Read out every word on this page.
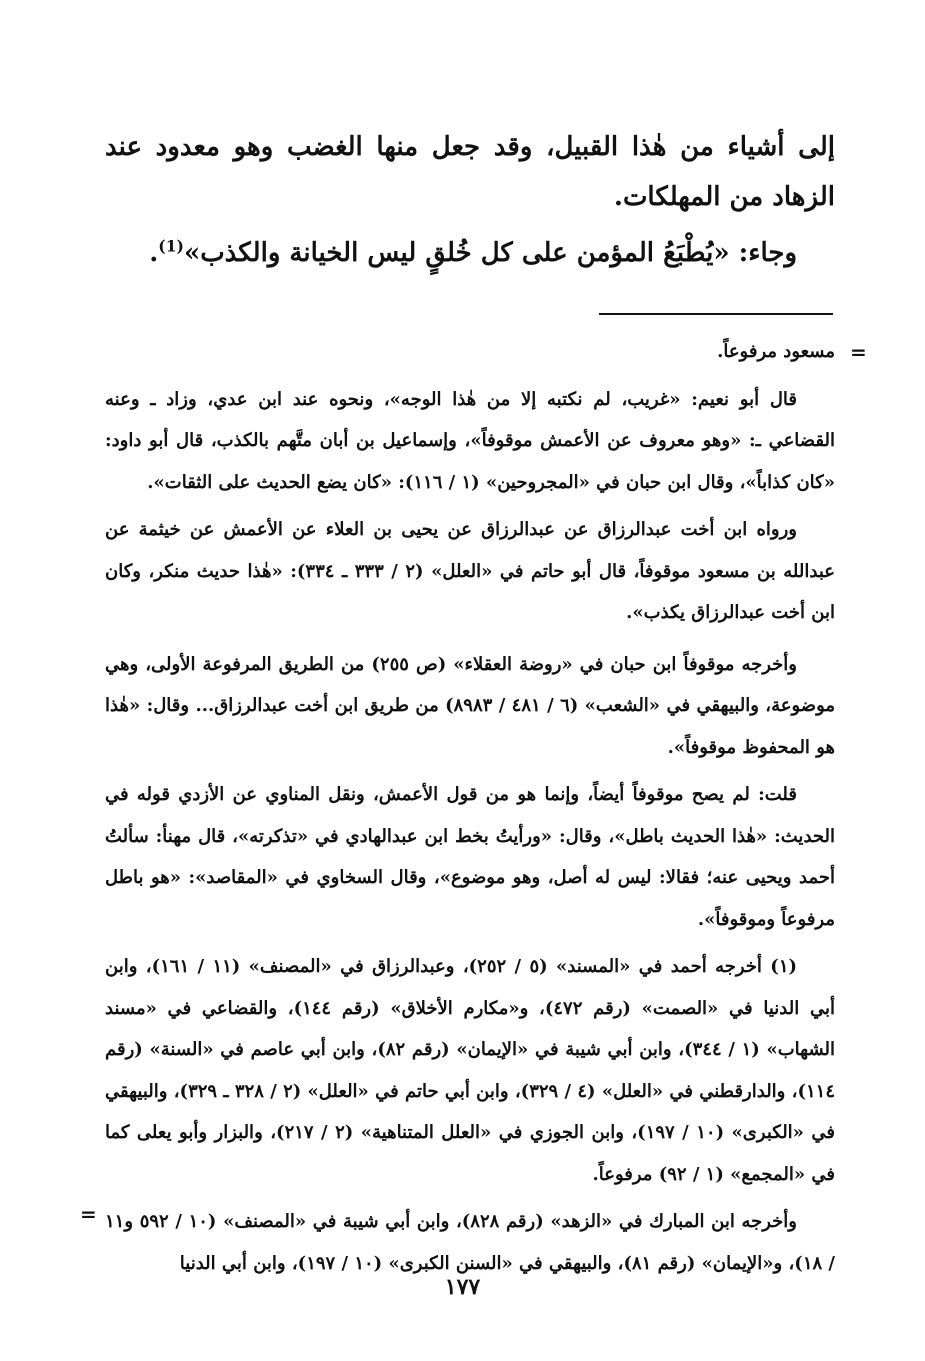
إلى أشياء من هٰذا القبيل، وقد جعل منها الغضب وهو معدود عند الزهاد من المهلكات.

وجاء: «يُطْبَعُ المؤمن على كل خُلقٍ ليس الخيانة والكذب»$^{(1)}$.

=

مسعود مرفوعاً.

قال أبو نعيم: «غريب، لم نكتبه إلا من هٰذا الوجه»، ونحوه عند ابن عدي، وزاد ـ وعنه القضاعي ـ: «وهو معروف عن الأعمش موقوفاً»، وإسماعيل بن أبان متَّهم بالكذب، قال أبو داود: «كان كذاباً»، وقال ابن حبان في «المجروحين» (١ / ١١٦): «كان يضع الحديث على الثقات».

ورواه ابن أخت عبدالرزاق عن عبدالرزاق عن يحيى بن العلاء عن الأعمش عن خيثمة عن عبدالله بن مسعود موقوفاً، قال أبو حاتم في «العلل» (٢ / ٣٣٣ ـ ٣٣٤): «هٰذا حديث منكر، وكان ابن أخت عبدالرزاق يكذب».

وأخرجه موقوفاً ابن حبان في «روضة العقلاء» (ص ٢٥٥) من الطريق المرفوعة الأولى، وهي موضوعة، والبيهقي في «الشعب» (٦ / ٤٨١ / ٨٩٨٣) من طريق ابن أخت عبدالرزاق... وقال: «هٰذا هو المحفوظ موقوفاً».

قلت: لم يصح موقوفاً أيضاً، وإنما هو من قول الأعمش، ونقل المناوي عن الأزدي قوله في الحديث: «هٰذا الحديث باطل»، وقال: «ورأيتُ بخط ابن عبدالهادي في «تذكرته»، قال مهنأ: سألتُ أحمد ويحيى عنه؛ فقالا: ليس له أصل، وهو موضوع»، وقال السخاوي في «المقاصد»: «هو باطل مرفوعاً وموقوفاً».

(١) أخرجه أحمد في «المسند» (٥ / ٢٥٢)، وعبدالرزاق في «المصنف» (١١ / ١٦١)، وابن أبي الدنيا في «الصمت» (رقم ٤٧٢)، و«مكارم الأخلاق» (رقم ١٤٤)، والقضاعي في «مسند الشهاب» (١ / ٣٤٤)، وابن أبي شيبة في «الإيمان» (رقم ٨٢)، وابن أبي عاصم في «السنة» (رقم ١١٤)، والدارقطني في «العلل» (٤ / ٣٢٩)، وابن أبي حاتم في «العلل» (٢ / ٣٢٨ ـ ٣٢٩)، والبيهقي في «الكبرى» (١٠ / ١٩٧)، وابن الجوزي في «العلل المتناهية» (٢ / ٢١٧)، والبزار وأبو يعلى كما في «المجمع» (١ / ٩٢) مرفوعاً.

وأخرجه ابن المبارك في «الزهد» (رقم ٨٢٨)، وابن أبي شيبة في «المصنف» (١٠ / ٥٩٢ و١١ / ١٨)، و«الإيمان» (رقم ٨١)، والبيهقي في «السنن الكبرى» (١٠ / ١٩٧)، وابن أبي الدنيا

=
١٧٧
